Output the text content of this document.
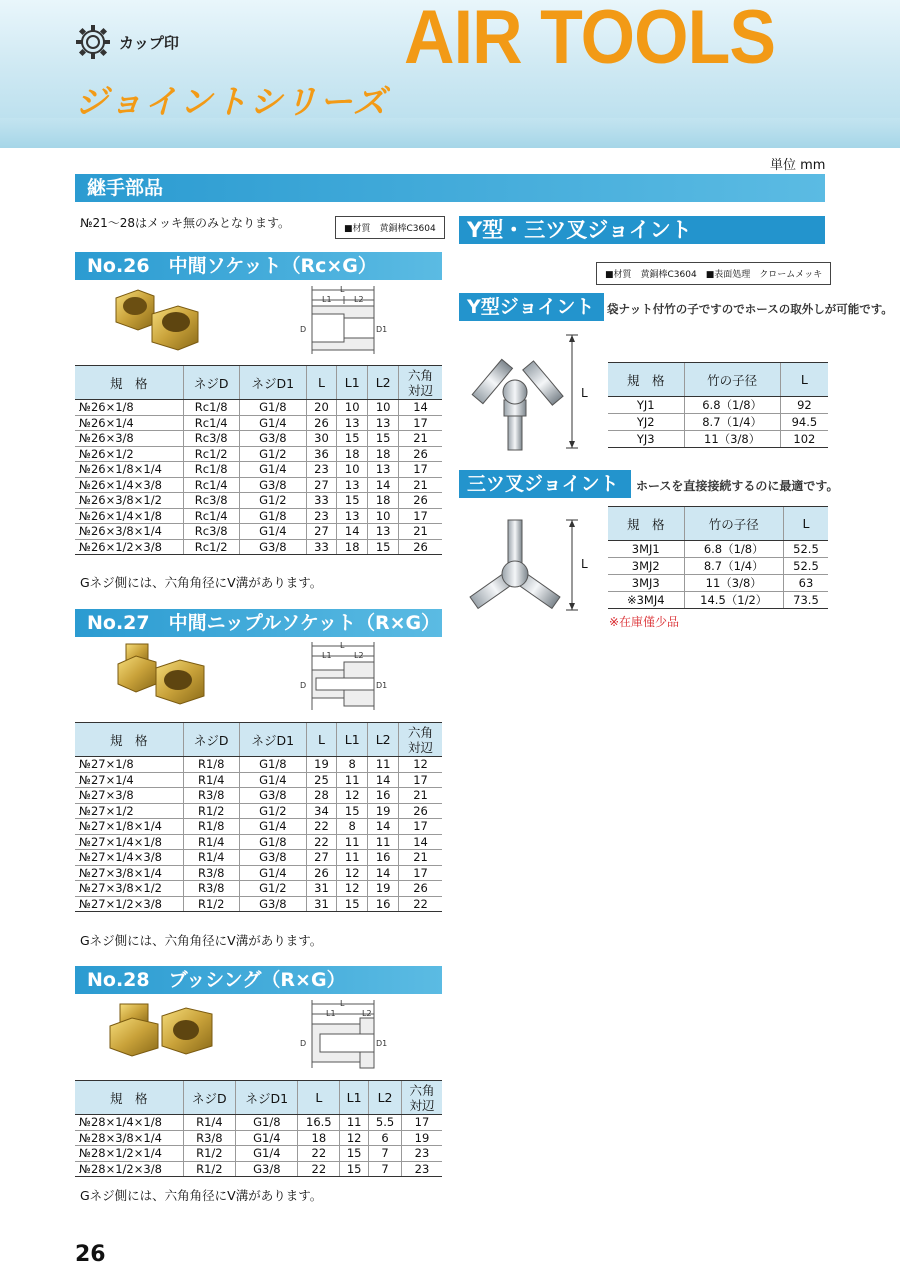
カップ印	AIR TOOLS
ジョイントシリーズ
単位 mm
継手部品
№21～28はメッキ無のみとなります。	■材質　黄銅棒C3604
No.26　中間ソケット（Rc×G）
L
L1	L2
D	D1
規　格	ネジD	ネジD1	L	L1	L2	六角
対辺
№26×1/8	Rc1/8	G1/8	20	10	10	14
№26×1/4	Rc1/4	G1/4	26	13	13	17
№26×3/8	Rc3/8	G3/8	30	15	15	21
№26×1/2	Rc1/2	G1/2	36	18	18	26
№26×1/8×1/4	Rc1/8	G1/4	23	10	13	17
№26×1/4×3/8	Rc1/4	G3/8	27	13	14	21
№26×3/8×1/2	Rc3/8	G1/2	33	15	18	26
№26×1/4×1/8	Rc1/4	G1/8	23	13	10	17
№26×3/8×1/4	Rc3/8	G1/4	27	14	13	21
№26×1/2×3/8	Rc1/2	G3/8	33	18	15	26
Gネジ側には、六角角径にV溝があります。
No.27　中間ニップルソケット（R×G）
L
L1	L2
D	D1
規　格	ネジD	ネジD1	L	L1	L2	六角
対辺
№27×1/8	R1/8	G1/8	19	8	11	12
№27×1/4	R1/4	G1/4	25	11	14	17
№27×3/8	R3/8	G3/8	28	12	16	21
№27×1/2	R1/2	G1/2	34	15	19	26
№27×1/8×1/4	R1/8	G1/4	22	8	14	17
№27×1/4×1/8	R1/4	G1/8	22	11	11	14
№27×1/4×3/8	R1/4	G3/8	27	11	16	21
№27×3/8×1/4	R3/8	G1/4	26	12	14	17
№27×3/8×1/2	R3/8	G1/2	31	12	19	26
№27×1/2×3/8	R1/2	G3/8	31	15	16	22
Gネジ側には、六角角径にV溝があります。
No.28　ブッシング（R×G）
L
L1	L2
D	D1
規　格	ネジD	ネジD1	L	L1	L2	六角
対辺
№28×1/4×1/8	R1/4	G1/8	16.5	11	5.5	17
№28×3/8×1/4	R3/8	G1/4	18	12	6	19
№28×1/2×1/4	R1/2	G1/4	22	15	7	23
№28×1/2×3/8	R1/2	G3/8	22	15	7	23
Gネジ側には、六角角径にV溝があります。
Y型・三ツ叉ジョイント
■材質　黄銅棒C3604　■表面処理　クロームメッキ
Y型ジョイント	袋ナット付竹の子ですのでホースの取外しが可能です。
L
規　格	竹の子径	L
YJ1	6.8（1/8）	92
YJ2	8.7（1/4）	94.5
YJ3	11（3/8）	102
三ツ叉ジョイント	ホースを直接接続するのに最適です。
L
規　格	竹の子径	L
3MJ1	6.8（1/8）	52.5
3MJ2	8.7（1/4）	52.5
3MJ3	11（3/8）	63
※3MJ4	14.5（1/2）	73.5
※在庫僅少品
26
